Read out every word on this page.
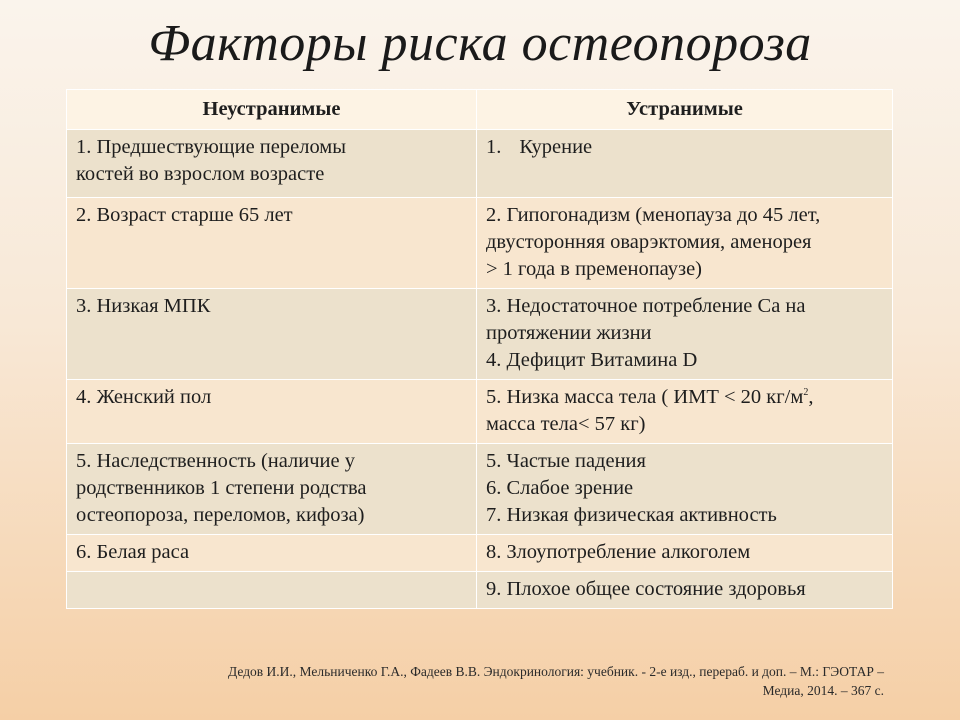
Факторы риска остеопороза
Неустранимые	Устранимые

1. Предшествующие переломы
костей во взрослом возрасте	1. Курение

2. Возраст старше 65 лет	2. Гипогонадизм (менопауза до 45 лет,
двусторонняя оварэктомия, аменорея
> 1 года в пременопаузе)

3. Низкая МПК	3. Недостаточное потребление Са на
протяжении жизни
4. Дефицит Витамина D

4. Женский пол	5. Низка масса тела ( ИМТ < 20 $кг/м^2$,
масса тела< 57 кг)

5. Наследственность (наличие у
родственников 1 степени родства
остеопороза, переломов, кифоза)	5. Частые падения
6. Слабое зрение
7. Низкая физическая активность

6. Белая раса	8. Злоупотребление алкоголем

	9. Плохое общее состояние здоровья
Дедов И.И., Мельниченко Г.А., Фадеев В.В. Эндокринология: учебник. - 2-е изд., перераб. и доп. – М.: ГЭОТАР –
Медиа, 2014. – 367 с.
